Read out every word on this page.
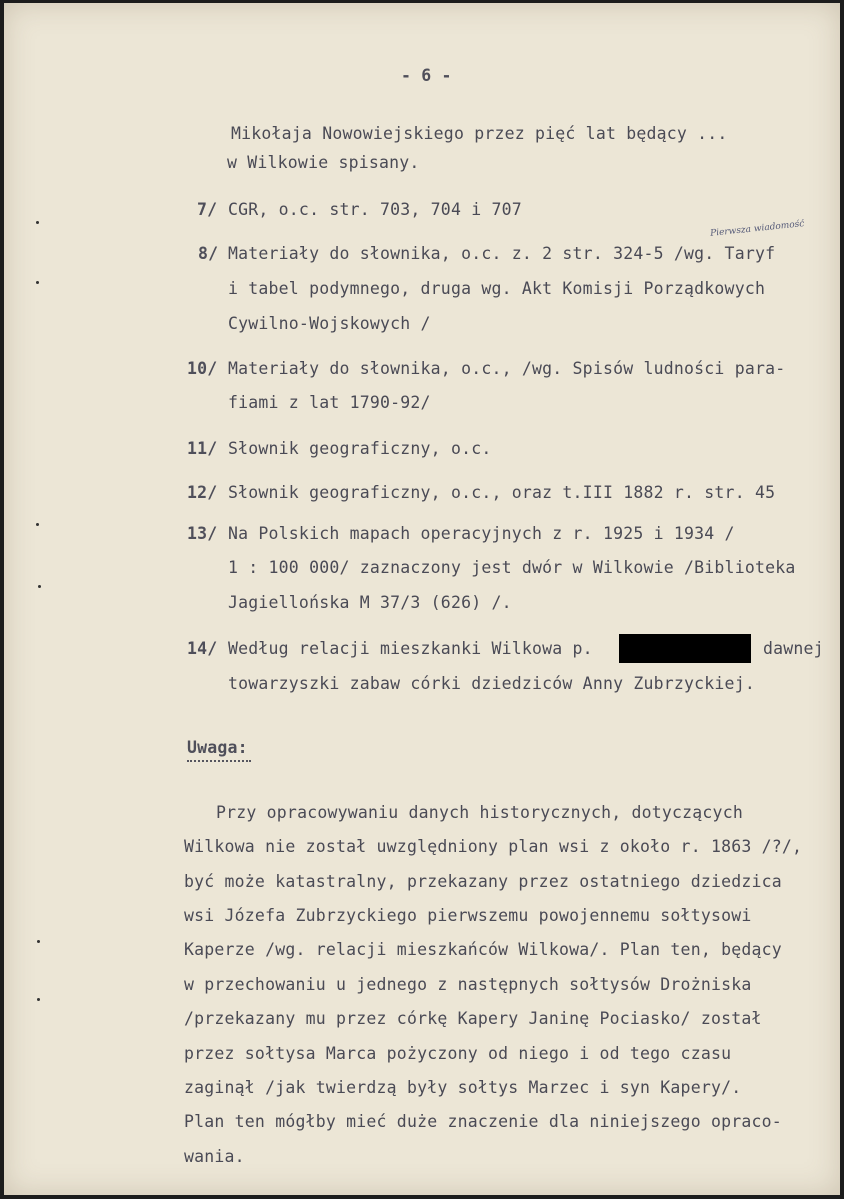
- 6 -
Mikołaja Nowowiejskiego przez pięć lat będący ...
w Wilkowie spisany.
7/ CGR, o.c. str. 703, 704 i 707
8/ Materiały do słownika, o.c. z. 2 str. 324-5 /wg. Taryf
Pierwsza wiadomość
i tabel podymnego, druga wg. Akt Komisji Porządkowych
Cywilno-Wojskowych /
10/ Materiały do słownika, o.c., /wg. Spisów ludności para-
fiami z lat 1790-92/
11/ Słownik geograficzny, o.c.
12/ Słownik geograficzny, o.c., oraz t.III 1882 r. str. 45
13/ Na Polskich mapach operacyjnych z r. 1925 i 1934 /
1 : 100 000/ zaznaczony jest dwór w Wilkowie /Biblioteka
Jagiellońska M 37/3 (626) /.
14/ Według relacji mieszkanki Wilkowa p.	dawnej
towarzyszki zabaw córki dziedziców Anny Zubrzyckiej.
Uwaga:
Przy opracowywaniu danych historycznych, dotyczących
Wilkowa nie został uwzględniony plan wsi z około r. 1863 /?/,
być może katastralny, przekazany przez ostatniego dziedzica
wsi Józefa Zubrzyckiego pierwszemu powojennemu sołtysowi
Kaperze /wg. relacji mieszkańców Wilkowa/. Plan ten, będący
w przechowaniu u jednego z następnych sołtysów Drożniska
/przekazany mu przez córkę Kapery Janinę Pociasko/ został
przez sołtysa Marca pożyczony od niego i od tego czasu
zaginął /jak twierdzą były sołtys Marzec i syn Kapery/.
Plan ten mógłby mieć duże znaczenie dla niniejszego opraco-
wania.
